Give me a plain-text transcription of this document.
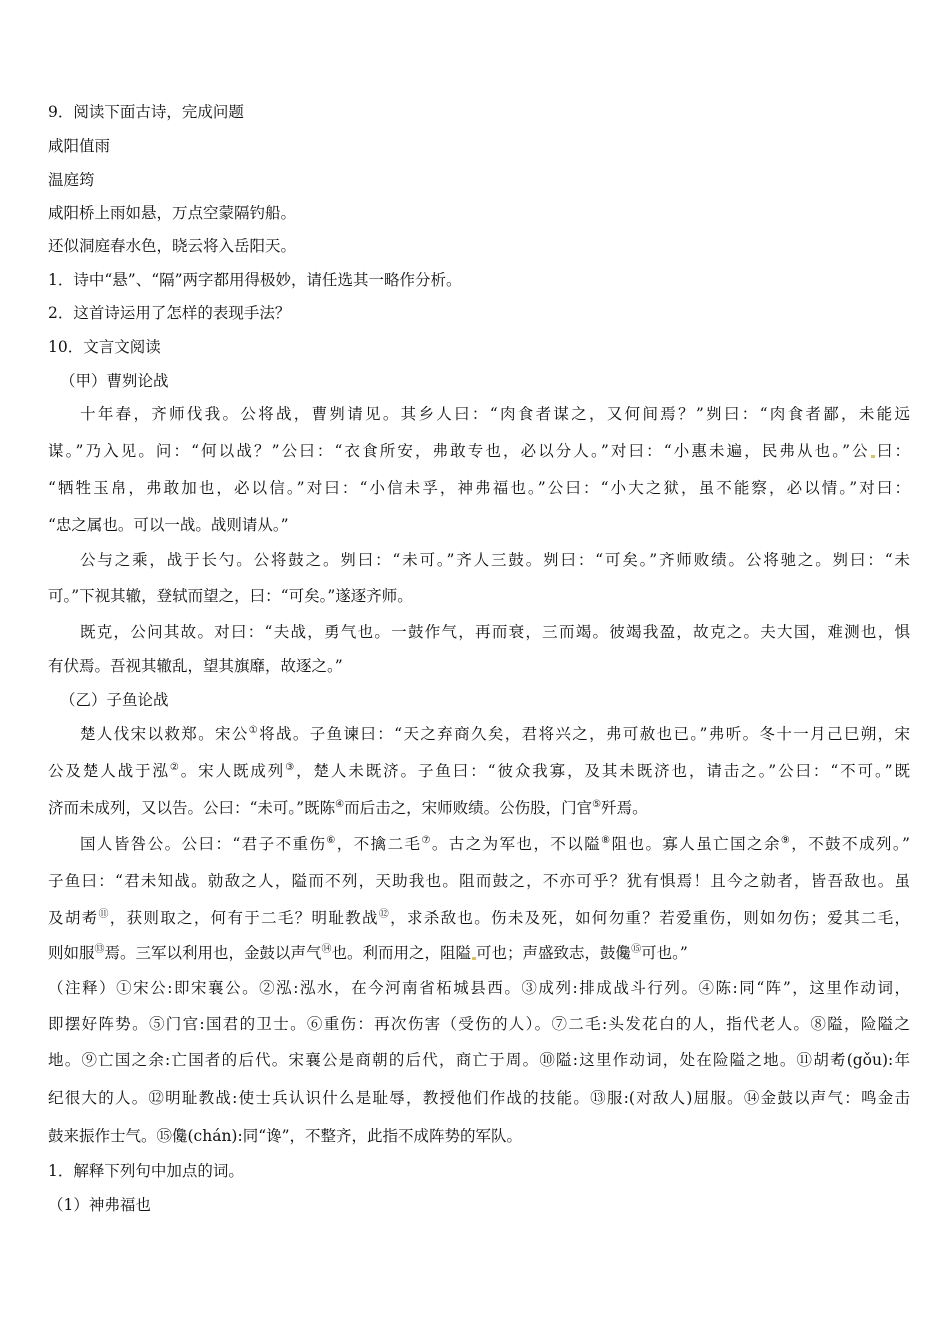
9．阅读下面古诗，完成问题
咸阳值雨
温庭筠
咸阳桥上雨如悬，万点空蒙隔钓船。
还似洞庭春水色，晓云将入岳阳天。
1．诗中“悬”、“隔”两字都用得极妙，请任选其一略作分析。
2．这首诗运用了怎样的表现手法？
10．文言文阅读
（甲）曹刿论战
十年春，齐师伐我。公将战，曹刿请见。其乡人曰：“肉食者谋之，又何间焉？”刿曰：“肉食者鄙，未能远
谋。”乃入见。问：“何以战？”公曰：“衣食所安，弗敢专也，必以分人。”对曰：“小惠未遍，民弗从也。”公 曰：
“牺牲玉帛，弗敢加也，必以信。”对曰：“小信未孚，神弗福也。”公曰：“小大之狱，虽不能察，必以情。”对曰：
“忠之属也。可以一战。战则请从。”
公与之乘，战于长勺。公将鼓之。刿曰：“未可。”齐人三鼓。刿曰：“可矣。”齐师败绩。公将驰之。刿曰：“未
可。”下视其辙，登轼而望之，曰：“可矣。”遂逐齐师。
既克，公问其故。对曰：“夫战，勇气也。一鼓作气，再而衰，三而竭。彼竭我盈，故克之。夫大国，难测也，惧
有伏焉。吾视其辙乱，望其旗靡，故逐之。”
（乙）子鱼论战
楚人伐宋以救郑。宋公①将战。子鱼谏曰：“天之弃商久矣，君将兴之，弗可赦也已。”弗听。冬十一月己巳朔，宋
公及楚人战于泓②。宋人既成列③，楚人未既济。子鱼曰：“彼众我寡，及其未既济也，请击之。”公曰：“不可。”既
济而未成列，又以告。公曰：“未可。”既陈④而后击之，宋师败绩。公伤股，门官⑤歼焉。
国人皆咎公。公曰：“君子不重伤⑥，不擒二毛⑦。古之为军也，不以隘⑧阻也。寡人虽亡国之余⑨，不鼓不成列。”
子鱼曰：“君未知战。勍敌之人，隘而不列，天助我也。阻而鼓之，不亦可乎？犹有惧焉！且今之勍者，皆吾敌也。虽
及胡耇⑪，获则取之，何有于二毛？明耻教战⑫，求杀敌也。伤未及死，如何勿重？若爱重伤，则如勿伤；爱其二毛，
则如服⑬焉。三军以利用也，金鼓以声气⑭也。利而用之，阻隘 可也；声盛致志，鼓儳⑮可也。”
（注释）①宋公:即宋襄公。②泓:泓水，在今河南省柘城县西。③成列:排成战斗行列。④陈:同“阵”，这里作动词，
即摆好阵势。⑤门官:国君的卫士。⑥重伤：再次伤害（受伤的人）。⑦二毛:头发花白的人，指代老人。⑧隘，险隘之
地。⑨亡国之余:亡国者的后代。宋襄公是商朝的后代，商亡于周。⑩隘:这里作动词，处在险隘之地。⑪胡耇(gǒu):年
纪很大的人。⑫明耻教战:使士兵认识什么是耻辱，教授他们作战的技能。⑬服:(对敌人)屈服。⑭金鼓以声气：鸣金击
鼓来振作士气。⑮儳(chán):同“谗”，不整齐，此指不成阵势的军队。
1．解释下列句中加点的词。
（1）神弗福也
